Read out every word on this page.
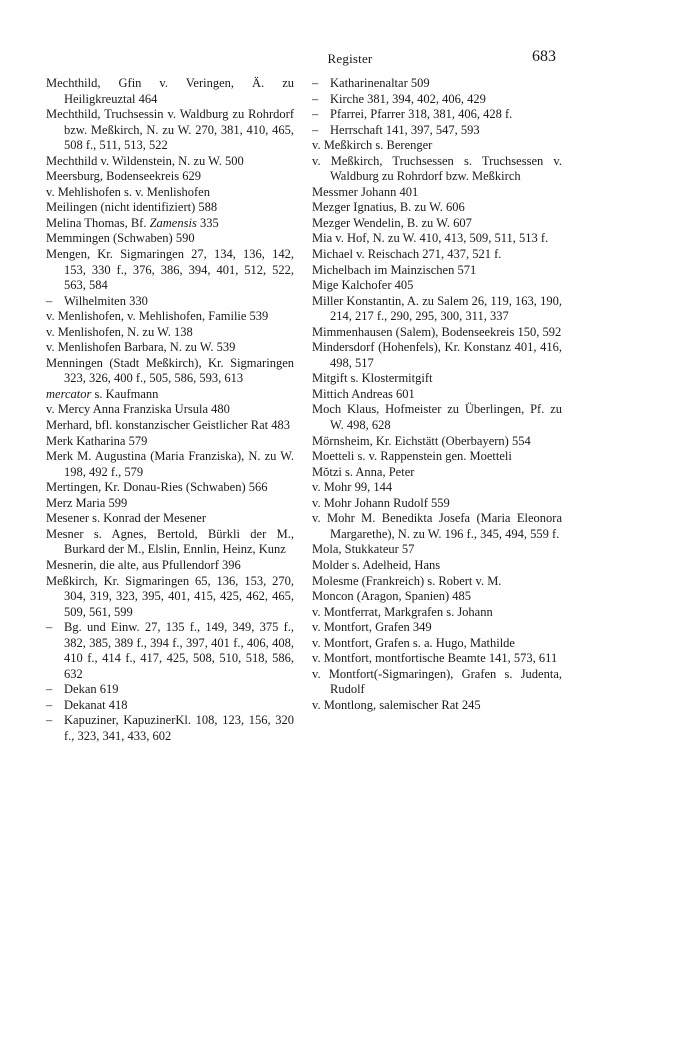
Register	683

Mechthild, Gfin v. Veringen, Ä. zu Heiligkreuztal 464

Mechthild, Truchsessin v. Waldburg zu Rohrdorf bzw. Meßkirch, N. zu W. 270, 381, 410, 465, 508 f., 511, 513, 522

Mechthild v. Wildenstein, N. zu W. 500

Meersburg, Bodenseekreis 629

v. Mehlishofen s. v. Menlishofen

Meilingen (nicht identifiziert) 588

Melina Thomas, Bf. Zamensis 335

Memmingen (Schwaben) 590

Mengen, Kr. Sigmaringen 27, 134, 136, 142, 153, 330 f., 376, 386, 394, 401, 512, 522, 563, 584

– Wilhelmiten 330

v. Menlishofen, v. Mehlishofen, Familie 539

v. Menlishofen, N. zu W. 138

v. Menlishofen Barbara, N. zu W. 539

Menningen (Stadt Meßkirch), Kr. Sigmaringen 323, 326, 400 f., 505, 586, 593, 613

mercator s. Kaufmann

v. Mercy Anna Franziska Ursula 480

Merhard, bfl. konstanzischer Geistlicher Rat 483

Merk Katharina 579

Merk M. Augustina (Maria Franziska), N. zu W. 198, 492 f., 579

Mertingen, Kr. Donau-Ries (Schwaben) 566

Merz Maria 599

Mesener s. Konrad der Mesener

Mesner s. Agnes, Bertold, Bürkli der M., Burkard der M., Elslin, Ennlin, Heinz, Kunz

Mesnerin, die alte, aus Pfullendorf 396

Meßkirch, Kr. Sigmaringen 65, 136, 153, 270, 304, 319, 323, 395, 401, 415, 425, 462, 465, 509, 561, 599

– Bg. und Einw. 27, 135 f., 149, 349, 375 f., 382, 385, 389 f., 394 f., 397, 401 f., 406, 408, 410 f., 414 f., 417, 425, 508, 510, 518, 586, 632

– Dekan 619

– Dekanat 418

– Kapuziner, KapuzinerKl. 108, 123, 156, 320 f., 323, 341, 433, 602

– Katharinenaltar 509

– Kirche 381, 394, 402, 406, 429

– Pfarrei, Pfarrer 318, 381, 406, 428 f.

– Herrschaft 141, 397, 547, 593

v. Meßkirch s. Berenger

v. Meßkirch, Truchsessen s. Truchsessen v. Waldburg zu Rohrdorf bzw. Meßkirch

Messmer Johann 401

Mezger Ignatius, B. zu W. 606

Mezger Wendelin, B. zu W. 607

Mia v. Hof, N. zu W. 410, 413, 509, 511, 513 f.

Michael v. Reischach 271, 437, 521 f.

Michelbach im Mainzischen 571

Mige Kalchofer 405

Miller Konstantin, A. zu Salem 26, 119, 163, 190, 214, 217 f., 290, 295, 300, 311, 337

Mimmenhausen (Salem), Bodenseekreis 150, 592

Mindersdorf (Hohenfels), Kr. Konstanz 401, 416, 498, 517

Mitgift s. Klostermitgift

Mittich Andreas 601

Moch Klaus, Hofmeister zu Überlingen, Pf. zu W. 498, 628

Mörnsheim, Kr. Eichstätt (Oberbayern) 554

Moetteli s. v. Rappenstein gen. Moetteli

Mŏtzi s. Anna, Peter

v. Mohr 99, 144

v. Mohr Johann Rudolf 559

v. Mohr M. Benedikta Josefa (Maria Eleonora Margarethe), N. zu W. 196 f., 345, 494, 559 f.

Mola, Stukkateur 57

Molder s. Adelheid, Hans

Molesme (Frankreich) s. Robert v. M.

Moncon (Aragon, Spanien) 485

v. Montferrat, Markgrafen s. Johann

v. Montfort, Grafen 349

v. Montfort, Grafen s. a. Hugo, Mathilde

v. Montfort, montfortische Beamte 141, 573, 611

v. Montfort(-Sigmaringen), Grafen s. Judenta, Rudolf

v. Montlong, salemischer Rat 245
